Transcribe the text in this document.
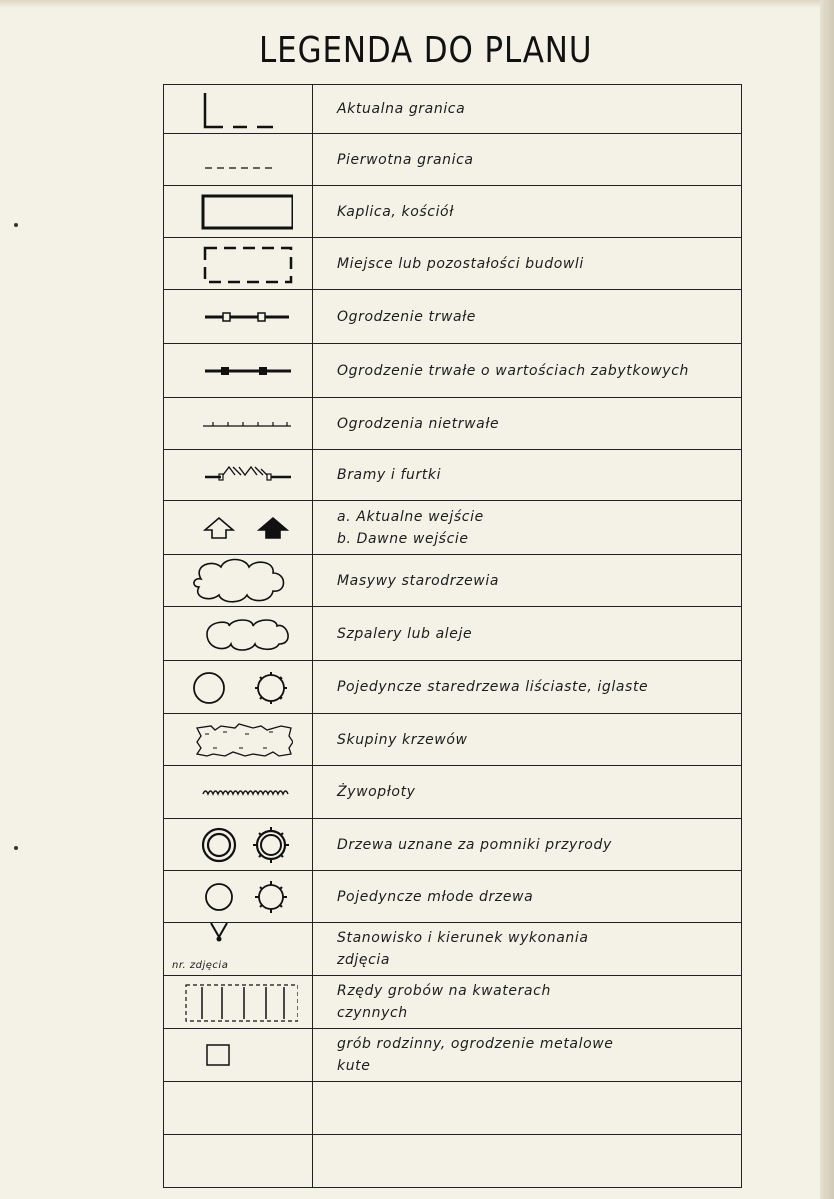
LEGENDA DO PLANU
Aktualna granica
Pierwotna granica
Kaplica, kościół
Miejsce lub pozostałości budowli
Ogrodzenie trwałe
Ogrodzenie trwałe o wartościach zabytkowych
Ogrodzenia nietrwałe
Bramy i furtki
a. Aktualne wejście
b. Dawne wejście
Masywy starodrzewia
Szpalery lub aleje
Pojedyncze staredrzewa liściaste, iglaste
Skupiny krzewów
Żywopłoty
Drzewa uznane za pomniki przyrody
Pojedyncze młode drzewa
nr. zdjęcia
Stanowisko i kierunek wykonania
zdjęcia
Rzędy grobów na kwaterach
czynnych
grób rodzinny, ogrodzenie metalowe
kute
